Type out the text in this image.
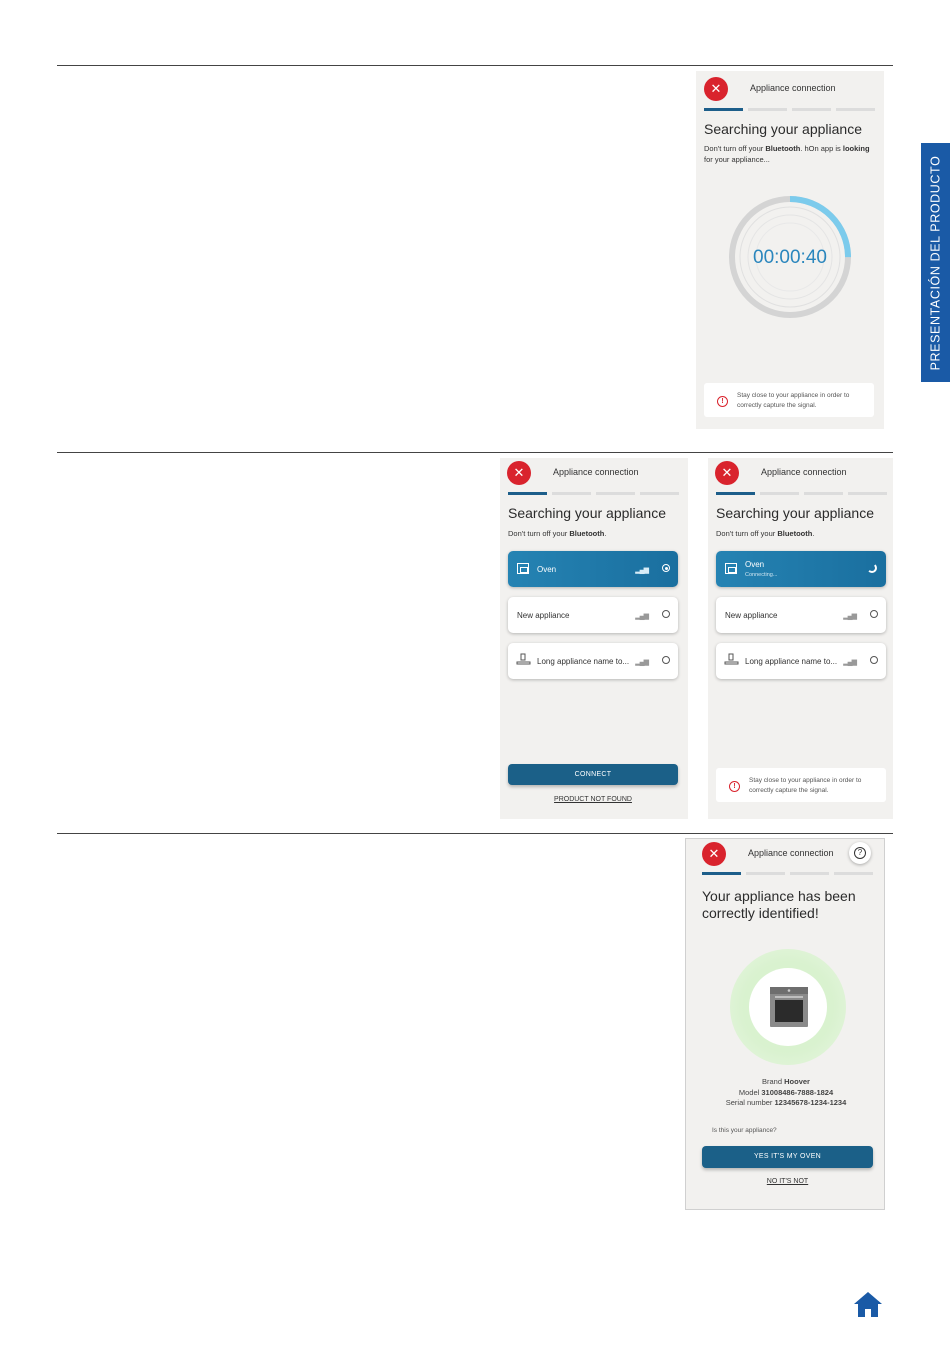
PRESENTACIÓN DEL PRODUCTO
✕	Appliance connection
Searching your appliance
Don't turn off your Bluetooth. hOn app is looking
for your appliance...
00:00:40
!
Stay close to your appliance in order to
correctly capture the signal.
✕	Appliance connection
Searching your appliance
Don't turn off your Bluetooth.
Oven	▂▄▆
New appliance	▂▄▆
Long appliance name to... ▂▄▆
CONNECT
PRODUCT NOT FOUND
✕	Appliance connection
Searching your appliance
Don't turn off your Bluetooth.
Oven
Connecting...
New appliance	▂▄▆
Long appliance name to... ▂▄▆
!
Stay close to your appliance in order to
correctly capture the signal.
✕	Appliance connection	?
Your appliance has been
correctly identified!
Brand Hoover
Model 31008486-7888-1824
Serial number 12345678-1234-1234
Is this your appliance?
YES IT'S MY OVEN
NO IT'S NOT
